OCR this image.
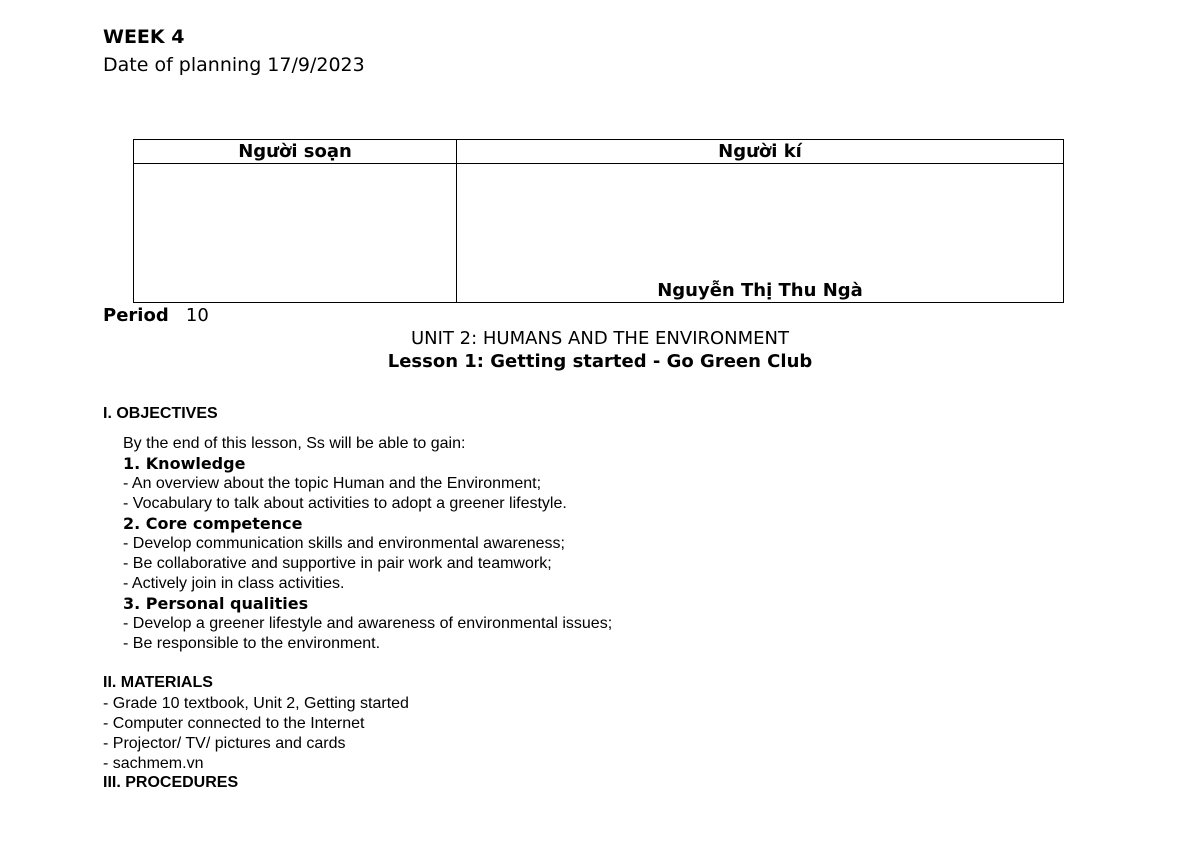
WEEK 4
Date of planning 17/9/2023
Người soạn	Người kí
	Nguyễn Thị Thu Ngà
Period 10
UNIT 2: HUMANS AND THE ENVIRONMENT
Lesson 1: Getting started - Go Green Club
I. OBJECTIVES
By the end of this lesson, Ss will be able to gain:
1. Knowledge
- An overview about the topic Human and the Environment;
- Vocabulary to talk about activities to adopt a greener lifestyle.
2. Core competence
- Develop communication skills and environmental awareness;
- Be collaborative and supportive in pair work and teamwork;
- Actively join in class activities.
3. Personal qualities
- Develop a greener lifestyle and awareness of environmental issues;
- Be responsible to the environment.
II. MATERIALS
- Grade 10 textbook, Unit 2, Getting started
- Computer connected to the Internet
- Projector/ TV/ pictures and cards
- sachmem.vn
III. PROCEDURES
